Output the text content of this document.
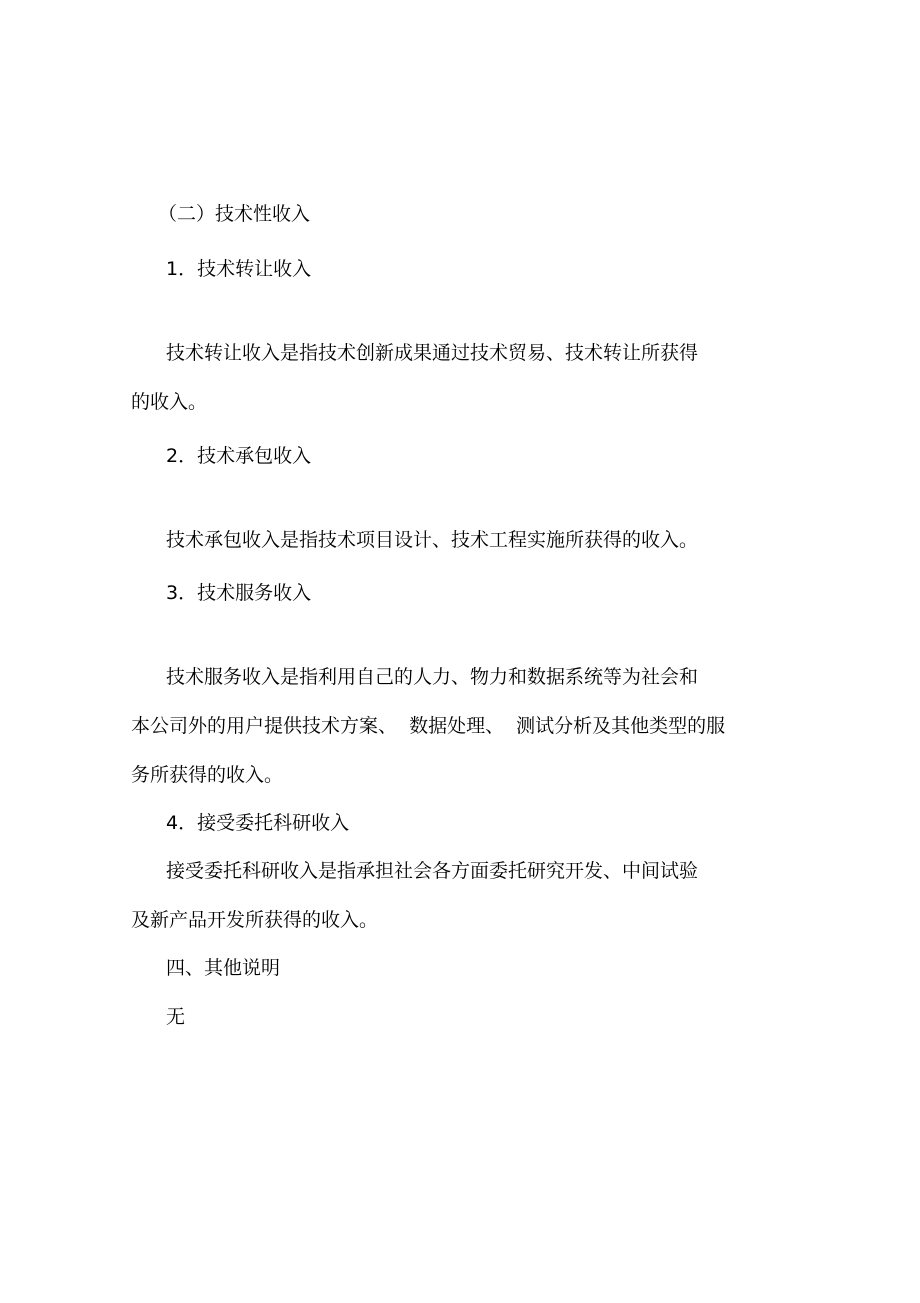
（二）技术性收入

1．技术转让收入

技术转让收入是指技术创新成果通过技术贸易、技术转让所获得

的收入。

2．技术承包收入

技术承包收入是指技术项目设计、技术工程实施所获得的收入。

3．技术服务收入

技术服务收入是指利用自己的人力、物力和数据系统等为社会和

本公司外的用户提供技术方案、  数据处理、  测试分析及其他类型的服

务所获得的收入。

4．接受委托科研收入

接受委托科研收入是指承担社会各方面委托研究开发、中间试验

及新产品开发所获得的收入。

四、其他说明

无
